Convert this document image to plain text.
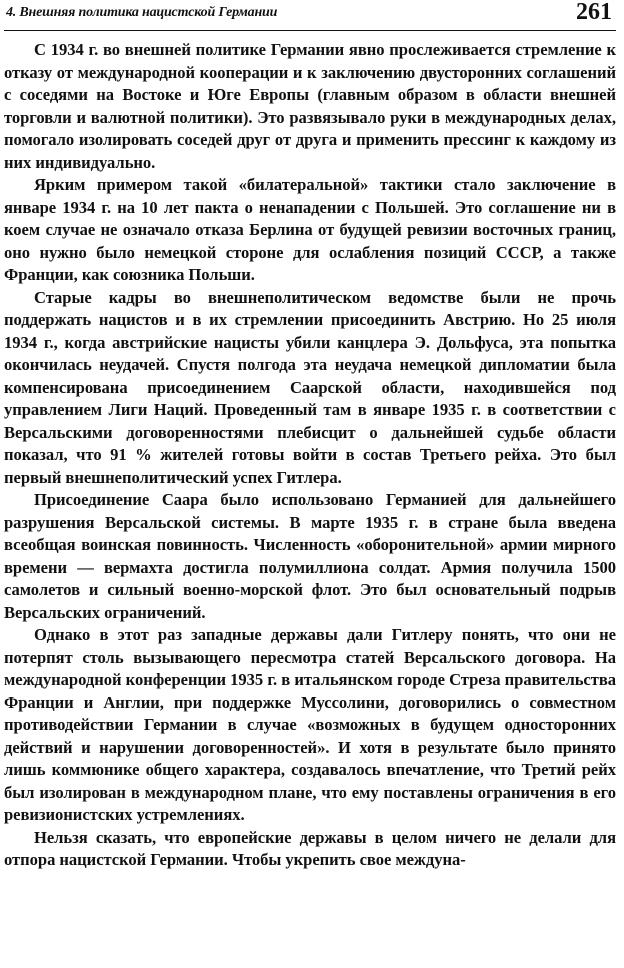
4. Внешняя политика нацистской Германии	261

С 1934 г. во внешней политике Германии явно прослеживается стремление к отказу от международной кооперации и к заключению двусторонних соглашений с соседями на Востоке и Юге Европы (главным образом в области внешней торговли и валютной политики). Это развязывало руки в международных делах, помогало изолировать соседей друг от друга и применить прессинг к каждому из них индивидуально.

Ярким примером такой «билатеральной» тактики стало заключение в январе 1934 г. на 10 лет пакта о ненападении с Польшей. Это соглашение ни в коем случае не означало отказа Берлина от будущей ревизии восточных границ, оно нужно было немецкой стороне для ослабления позиций СССР, а также Франции, как союзника Польши.

Старые кадры во внешнеполитическом ведомстве были не прочь поддержать нацистов и в их стремлении присоединить Австрию. Но 25 июля 1934 г., когда австрийские нацисты убили канцлера Э. Дольфуса, эта попытка окончилась неудачей. Спустя полгода эта неудача немецкой дипломатии была компенсирована присоединением Саарской области, находившейся под управлением Лиги Наций. Проведенный там в январе 1935 г. в соответствии с Версальскими договоренностями плебисцит о дальнейшей судьбе области показал, что 91 % жителей готовы войти в состав Третьего рейха. Это был первый внешнеполитический успех Гитлера.

Присоединение Саара было использовано Германией для дальнейшего разрушения Версальской системы. В марте 1935 г. в стране была введена всеобщая воинская повинность. Численность «оборонительной» армии мирного времени — вермахта достигла полумиллиона солдат. Армия получила 1500 самолетов и сильный военно-морской флот. Это был основательный подрыв Версальских ограничений.

Однако в этот раз западные державы дали Гитлеру понять, что они не потерпят столь вызывающего пересмотра статей Версальского договора. На международной конференции 1935 г. в итальянском городе Стреза правительства Франции и Англии, при поддержке Муссолини, договорились о совместном противодействии Германии в случае «возможных в будущем односторонних действий и нарушении договоренностей». И хотя в результате было принято лишь коммюнике общего характера, создавалось впечатление, что Третий рейх был изолирован в международном плане, что ему поставлены ограничения в его ревизионистских устремлениях.

Нельзя сказать, что европейские державы в целом ничего не делали для отпора нацистской Германии. Чтобы укрепить свое междуна-
